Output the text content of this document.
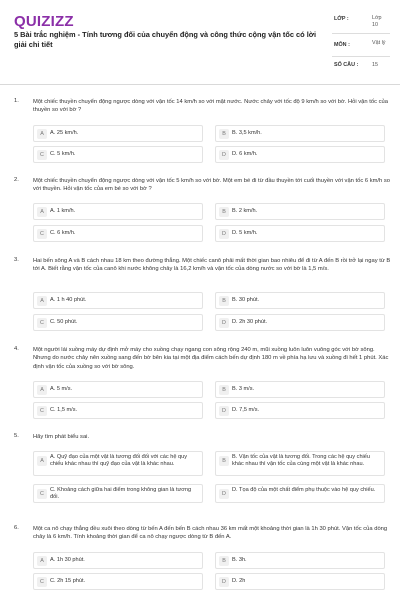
QUIZIZZ
5 Bài trắc nghiệm - Tính tương đối của chuyển động và công thức cộng vận tốc có lời giải chi tiết
LỚP :	Lớp 10
MÔN :	Vật lý
SỐ CÂU :	15
1. Một chiếc thuyền chuyển động ngược dòng với vận tốc 14 km/h so với mặt nước. Nước chảy với tốc độ 9 km/h so với bờ. Hỏi vận tốc của thuyền so với bờ ?
A	A. 25 km/h.	B	B. 3,5 km/h.
C	C. 5 km/h.	D	D. 6 km/h.
2. Một chiếc thuyền chuyển động ngược dòng với vận tốc 5 km/h so với bờ. Một em bé đi từ đầu thuyền tới cuối thuyền với vận tốc 6 km/h so với thuyền. Hỏi vận tốc của em bé so với bờ ?
A	A. 1 km/h.	B	B. 2 km/h.
C	C. 6 km/h.	D	D. 5 km/h.
3. Hai bến sông A và B cách nhau 18 km theo đường thẳng. Một chiếc canô phải mất thời gian bao nhiêu để đi từ A đến B rồi trở lại ngay từ B tới A. Biết rằng vận tốc của canô khi nước không chảy là 16,2 km/h và vận tốc của dòng nước so với bờ là 1,5 m/s.
A	A. 1 h 40 phút.	B	B. 30 phút.
C	C. 50 phút.	D	D. 2h 30 phút.
4. Một người lái xuồng máy dự định mở máy cho xuồng chạy ngang con sông rộng 240 m, mũi xuồng luôn luôn vuông góc với bờ sông. Nhưng do nước chảy nên xuồng sang đến bờ bên kia tại một địa điểm cách bến dự định 180 m về phía hạ lưu và xuồng đi hết 1 phút. Xác định vận tốc của xuồng so với bờ sông.
A	A. 5 m/s.	B	B. 3 m/s.
C	C. 1,5 m/s.	D	D. 7,5 m/s.
5. Hãy tìm phát biểu sai.
A
A. Quỹ đạo của một vật là tương đối đối với các hệ quy chiếu khác nhau thì quỹ đạo của vật là khác nhau.
B
B. Vận tốc của vật là tương đối. Trong các hệ quy chiếu khác nhau thì vận tốc của cùng một vật là khác nhau.
C
C. Khoảng cách giữa hai điểm trong không gian là tương đối.
D
D. Tọa độ của một chất điểm phụ thuộc vào hệ quy chiếu.
6. Một ca nô chạy thẳng đều xuôi theo dòng từ bến A đến bến B cách nhau 36 km mất một khoảng thời gian là 1h 30 phút. Vận tốc của dòng chảy là 6 km/h. Tính khoảng thời gian để ca nô chạy ngược dòng từ B đến A.
A	A. 1h 30 phút.	B	B. 3h.
C	C. 2h 15 phút.	D	D. 2h
